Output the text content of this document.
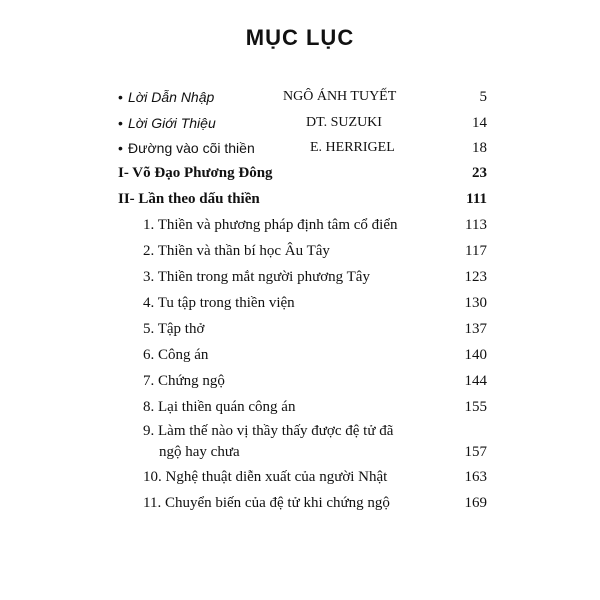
MỤC LỤC
• Lời Dẫn Nhập	NGÔ ÁNH TUYẾT	5
• Lời Giới Thiệu	DT. SUZUKI	14
• Đường vào cõi thiền	E. HERRIGEL	18
I- Võ Đạo Phương Đông	23
II- Lần theo dấu thiền	111
1. Thiền và phương pháp định tâm cổ điển	113
2. Thiền và thần bí học Âu Tây	117
3. Thiền trong mắt người phương Tây	123
4. Tu tập trong thiền viện	130
5. Tập thở	137
6. Công án	140
7. Chứng ngộ	144
8. Lại thiền quán công án	155
9. Làm thế nào vị thầy thấy được đệ tử đã
ngộ hay chưa	157
10. Nghệ thuật diễn xuất của người Nhật	163
11. Chuyển biến của đệ tử khi chứng ngộ	169
